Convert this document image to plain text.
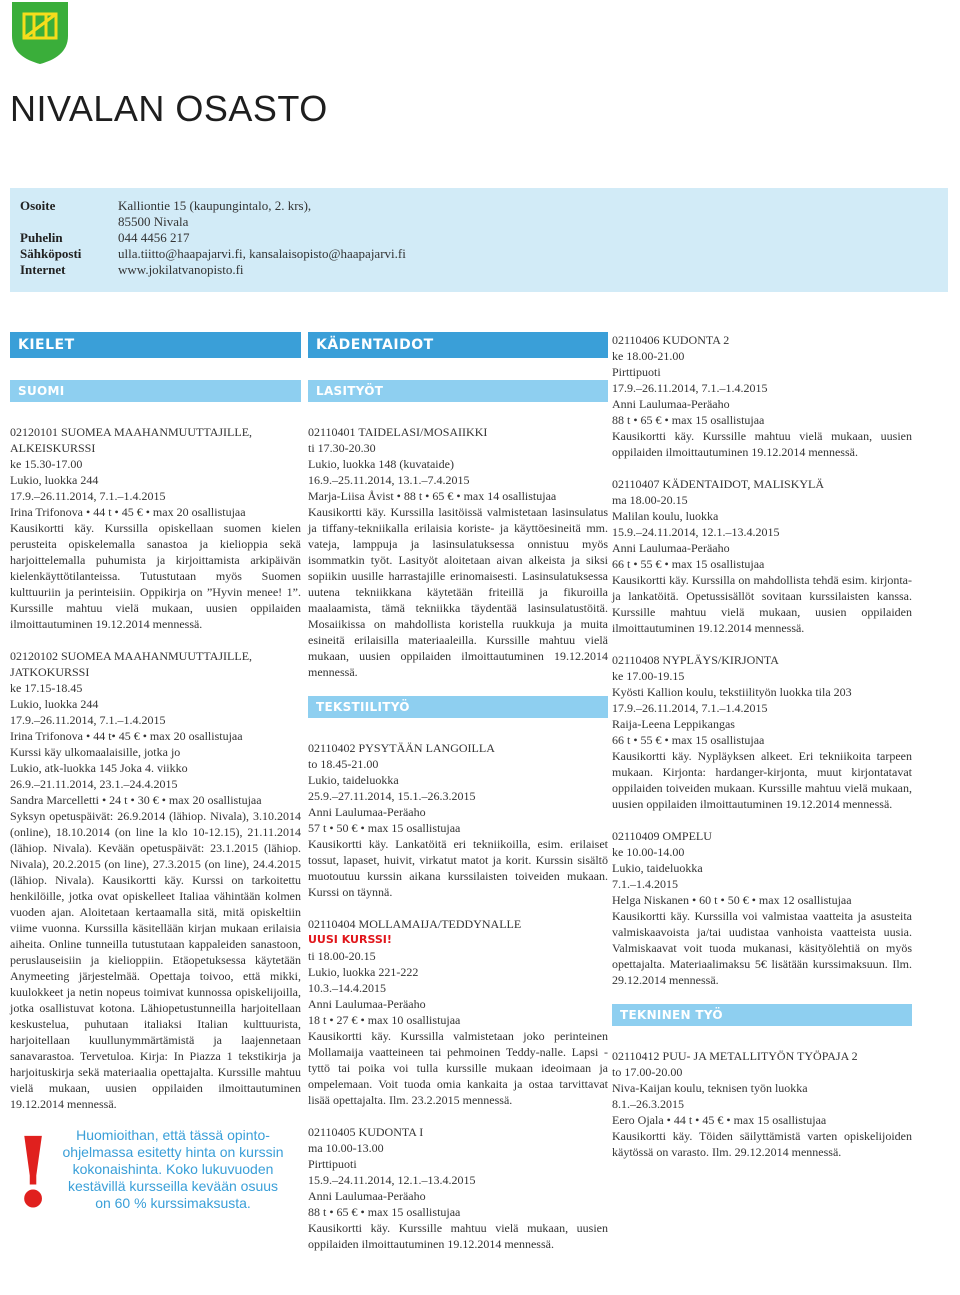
NIVALAN OSASTO
Osoite	Kalliontie 15 (kaupungintalo, 2. krs),
85500 Nivala
Puhelin	044 4456 217
Sähköposti	ulla.tiitto@haapajarvi.fi, kansalaisopisto@haapajarvi.fi
Internet	www.jokilatvanopisto.fi
KIELET
SUOMI
02120101 SUOMEA MAAHANMUUTTAJILLE,
ALKEISKURSSI
ke 15.30-17.00
Lukio, luokka 244
17.9.–26.11.2014, 7.1.–1.4.2015
Irina Trifonova • 44 t • 45 € • max 20 osallistujaa
Kausikortti käy. Kurssilla opiskellaan suomen kielen perusteita opiskelemalla sanastoa ja kielioppia sekä harjoittelemalla puhumista ja kirjoittamista arkipäivän kielenkäyttötilanteissa. Tutustutaan myös Suomen kulttuuriin ja perinteisiin. Oppikirja on ”Hyvin menee! 1”. Kurssille mahtuu vielä mukaan, uusien oppilaiden ilmoittautuminen 19.12.2014 mennessä.
02120102 SUOMEA MAAHANMUUTTAJILLE,
JATKOKURSSI
ke 17.15-18.45
Lukio, luokka 244
17.9.–26.11.2014, 7.1.–1.4.2015
Irina Trifonova • 44 t• 45 € • max 20 osallistujaa
Kurssi käy ulkomaalaisille, jotka jo
Lukio, atk-luokka 145 Joka 4. viikko
26.9.–21.11.2014, 23.1.–24.4.2015
Sandra Marcelletti • 24 t • 30 € • max 20 osallistujaa
Syksyn opetuspäivät: 26.9.2014 (lähiop. Nivala), 3.10.2014 (online), 18.10.2014 (on line la klo 10-12.15), 21.11.2014 (lähiop. Nivala). Kevään opetuspäivät: 23.1.2015 (lähiop. Nivala), 20.2.2015 (on line), 27.3.2015 (on line), 24.4.2015 (lähiop. Nivala). Kausikortti käy. Kurssi on tarkoitettu henkilöille, jotka ovat opiskelleet Italiaa vähintään kolmen vuoden ajan. Aloitetaan kertaamalla sitä, mitä opiskeltiin viime vuonna. Kurssilla käsitellään kirjan mukaan erilaisia aiheita. Online tunneilla tutustutaan kappaleiden sanastoon, peruslauseisiin ja kielioppiin. Etäopetuksessa käytetään Anymeeting järjestelmää. Opettaja toivoo, että mikki, kuulokkeet ja netin nopeus toimivat kunnossa opiskelijoilla, jotka osallistuvat kotona. Lähiopetustunneilla harjoitellaan keskustelua, puhutaan italiaksi Italian kulttuurista, harjoitellaan kuullunymmärtämistä ja laajennetaan sanavarastoa. Tervetuloa. Kirja: In Piazza 1 tekstikirja ja harjoituskirja sekä materiaalia opettajalta. Kurssille mahtuu vielä mukaan, uusien oppilaiden ilmoittautuminen 19.12.2014 mennessä.
!	Huomioithan, että tässä opinto-ohjelmassa esitetty hinta on kurssin kokonaishinta. Koko lukuvuoden kestävillä kursseilla kevään osuus on 60 % kurssimaksusta.
KÄDENTAIDOT
LASITYÖT
02110401 TAIDELASI/MOSAIIKKI
ti 17.30-20.30
Lukio, luokka 148 (kuvataide)
16.9.–25.11.2014, 13.1.–7.4.2015
Marja-Liisa Åvist • 88 t • 65 € • max 14 osallistujaa
Kausikortti käy. Kurssilla lasitöissä valmistetaan lasinsulatus ja tiffany-tekniikalla erilaisia koriste- ja käyttöesineitä mm. vateja, lamppuja ja lasinsulatuksessa onnistuu myös isommatkin työt. Lasityöt aloitetaan aivan alkeista ja siksi sopiikin uusille harrastajille erinomaisesti. Lasinsulatuksessa uutena tekniikkana käytetään friteillä ja fikuroilla maalaamista, tämä tekniikka täydentää lasinsulatustöitä. Mosaiikissa on mahdollista koristella ruukkuja ja muita esineitä erilaisilla materiaaleilla. Kurssille mahtuu vielä mukaan, uusien oppilaiden ilmoittautuminen 19.12.2014 mennessä.
TEKSTIILITYÖ
02110402 PYSYTÄÄN LANGOILLA
to 18.45-21.00
Lukio, taideluokka
25.9.–27.11.2014, 15.1.–26.3.2015
Anni Laulumaa-Peräaho
57 t • 50 € • max 15 osallistujaa
Kausikortti käy. Lankatöitä eri tekniikoilla, esim. erilaiset tossut, lapaset, huivit, virkatut matot ja korit. Kurssin sisältö muotoutuu kurssin aikana kurssilaisten toiveiden mukaan. Kurssi on täynnä.
02110404 MOLLAMAIJA/TEDDYNALLE
UUSI KURSSI!
ti 18.00-20.15
Lukio, luokka 221-222
10.3.–14.4.2015
Anni Laulumaa-Peräaho
18 t • 27 € • max 10 osallistujaa
Kausikortti käy. Kurssilla valmistetaan joko perinteinen Mollamaija vaatteineen tai pehmoinen Teddy-nalle. Lapsi - tyttö tai poika voi tulla kurssille mukaan ideoimaan ja ompelemaan. Voit tuoda omia kankaita ja ostaa tarvittavat lisää opettajalta. Ilm. 23.2.2015 mennessä.
02110405 KUDONTA I
ma 10.00-13.00
Pirttipuoti
15.9.–24.11.2014, 12.1.–13.4.2015
Anni Laulumaa-Peräaho
88 t • 65 € • max 15 osallistujaa
Kausikortti käy. Kurssille mahtuu vielä mukaan, uusien oppilaiden ilmoittautuminen 19.12.2014 mennessä.
02110406 KUDONTA 2
ke 18.00-21.00
Pirttipuoti
17.9.–26.11.2014, 7.1.–1.4.2015
Anni Laulumaa-Peräaho
88 t • 65 € • max 15 osallistujaa
Kausikortti käy. Kurssille mahtuu vielä mukaan, uusien oppilaiden ilmoittautuminen 19.12.2014 mennessä.
02110407 KÄDENTAIDOT, MALISKYLÄ
ma 18.00-20.15
Malilan koulu, luokka
15.9.–24.11.2014, 12.1.–13.4.2015
Anni Laulumaa-Peräaho
66 t • 55 € • max 15 osallistujaa
Kausikortti käy. Kurssilla on mahdollista tehdä esim. kirjonta- ja lankatöitä. Opetussisällöt sovitaan kurssilaisten kanssa. Kurssille mahtuu vielä mukaan, uusien oppilaiden ilmoittautuminen 19.12.2014 mennessä.
02110408 NYPLÄYS/KIRJONTA
ke 17.00-19.15
Kyösti Kallion koulu, tekstiilityön luokka tila 203
17.9.–26.11.2014, 7.1.–1.4.2015
Raija-Leena Leppikangas
66 t • 55 € • max 15 osallistujaa
Kausikortti käy. Nypläyksen alkeet. Eri tekniikoita tarpeen mukaan. Kirjonta: hardanger-kirjonta, muut kirjontatavat oppilaiden toiveiden mukaan. Kurssille mahtuu vielä mukaan, uusien oppilaiden ilmoittautuminen 19.12.2014 mennessä.
02110409 OMPELU
ke 10.00-14.00
Lukio, taideluokka
7.1.–1.4.2015
Helga Niskanen • 60 t • 50 € • max 12 osallistujaa
Kausikortti käy. Kurssilla voi valmistaa vaatteita ja asusteita valmiskaavoista ja/tai uudistaa vanhoista vaatteista uusia. Valmiskaavat voit tuoda mukanasi, käsityölehtiä on myös opettajalta. Materiaalimaksu 5€ lisätään kurssimaksuun. Ilm. 29.12.2014 mennessä.
TEKNINEN TYÖ
02110412 PUU- JA METALLITYÖN TYÖPAJA 2
to 17.00-20.00
Niva-Kaijan koulu, teknisen työn luokka
8.1.–26.3.2015
Eero Ojala • 44 t • 45 € • max 15 osallistujaa
Kausikortti käy. Töiden säilyttämistä varten opiskelijoiden käytössä on varasto. Ilm. 29.12.2014 mennessä.
